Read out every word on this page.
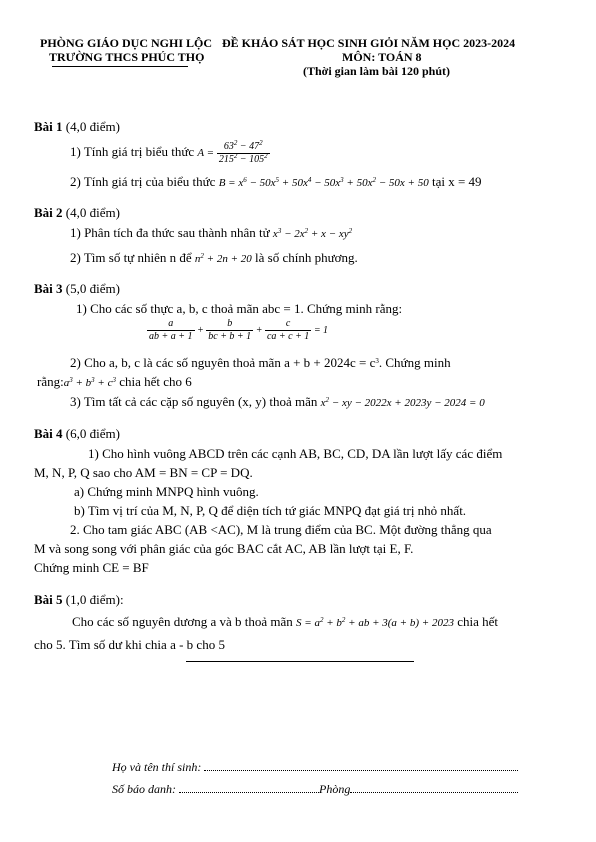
PHÒNG GIÁO DỤC NGHI LỘC
TRƯỜNG THCS PHÚC THỌ
ĐỀ KHẢO SÁT HỌC SINH GIỎI NĂM HỌC 2023-2024
MÔN: TOÁN 8
(Thời gian làm bài 120 phút)
Bài 1 (4,0 điểm)
1) Tính giá trị biểu thức $A = \frac{63^2 - 47^2}{215^2 - 105^2}$
2) Tính giá trị của biểu thức $B = x^6 - 50x^5 + 50x^4 - 50x^3 + 50x^2 - 50x + 50$ tại x = 49
Bài 2 (4,0 điểm)
1) Phân tích đa thức sau thành nhân tử $x^3 - 2x^2 + x - xy^2$
2) Tìm số tự nhiên n để $n^2 + 2n + 20$ là số chính phương.
Bài 3 (5,0 điểm)
1) Cho các số thực a, b, c thoả mãn abc = 1. Chứng minh rằng:
$\frac{a}{ab + a + 1} + \frac{b}{bc + b + 1} + \frac{c}{ca + c + 1} = 1$
2) Cho a, b, c là các số nguyên thoả mãn $a + b + 2024c = c^3$. Chứng minh
$rằng:a^3 + b^3 + c^3$ chia hết cho 6
3) Tìm tất cả các cặp số nguyên (x, y) thoả mãn $x^2$ − xy − 2022x + 2023y − 2024 = 0
Bài 4 (6,0 điểm)
1) Cho hình vuông ABCD trên các cạnh AB, BC, CD, DA lần lượt lấy các điểm
M, N, P, Q sao cho AM = BN = CP = DQ.
a) Chứng minh MNPQ hình vuông.
b) Tìm vị trí của M, N, P, Q để diện tích tứ giác MNPQ đạt giá trị nhỏ nhất.
2. Cho tam giác ABC (AB <AC), M là trung điểm của BC. Một đường thẳng qua
M và song song với phân giác của góc BAC cắt AC, AB lần lượt tại E, F.
Chứng minh CE = BF
Bài 5 (1,0 điểm):
Cho các số nguyên dương a và b thoả mãn $S = a^2 + b^2$ + ab + 3(a + b) + 2023 chia hết
cho 5. Tìm số dư khi chia a - b cho 5
Họ và tên thí sinh:
Số báo danh:	Phòng
